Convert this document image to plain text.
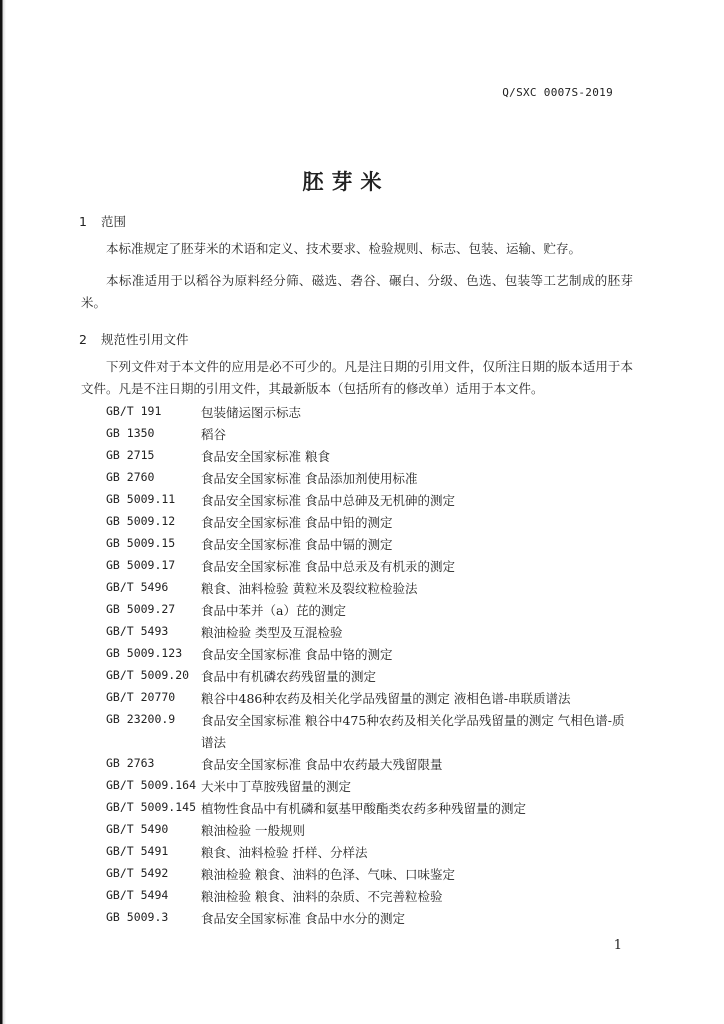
Q/SXC 0007S-2019
胚芽米
1 范围
本标准规定了胚芽米的术语和定义、技术要求、检验规则、标志、包装、运输、贮存。
本标准适用于以稻谷为原料经分筛、磁选、砻谷、碾白、分级、色选、包装等工艺制成的胚芽米。
2 规范性引用文件
下列文件对于本文件的应用是必不可少的。凡是注日期的引用文件，仅所注日期的版本适用于本文件。凡是不注日期的引用文件，其最新版本（包括所有的修改单）适用于本文件。
GB/T 191	包装储运图示标志
GB 1350	稻谷
GB 2715	食品安全国家标准 粮食
GB 2760	食品安全国家标准 食品添加剂使用标准
GB 5009.11 食品安全国家标准 食品中总砷及无机砷的测定
GB 5009.12 食品安全国家标准 食品中铅的测定
GB 5009.15 食品安全国家标准 食品中镉的测定
GB 5009.17 食品安全国家标准 食品中总汞及有机汞的测定
GB/T 5496	粮食、油料检验 黄粒米及裂纹粒检验法
GB 5009.27 食品中苯并（a）芘的测定
GB/T 5493	粮油检验 类型及互混检验
GB 5009.123 食品安全国家标准 食品中铬的测定
GB/T 5009.20 食品中有机磷农药残留量的测定
GB/T 20770 粮谷中486种农药及相关化学品残留量的测定 液相色谱-串联质谱法
GB 23200.9 食品安全国家标准 粮谷中475种农药及相关化学品残留量的测定 气相色谱-质谱法
GB 2763	食品安全国家标准 食品中农药最大残留限量
GB/T 5009.164 大米中丁草胺残留量的测定
GB/T 5009.145 植物性食品中有机磷和氨基甲酸酯类农药多种残留量的测定
GB/T 5490	粮油检验 一般规则
GB/T 5491	粮食、油料检验 扦样、分样法
GB/T 5492	粮油检验 粮食、油料的色泽、气味、口味鉴定
GB/T 5494	粮油检验 粮食、油料的杂质、不完善粒检验
GB 5009.3	食品安全国家标准 食品中水分的测定
1
